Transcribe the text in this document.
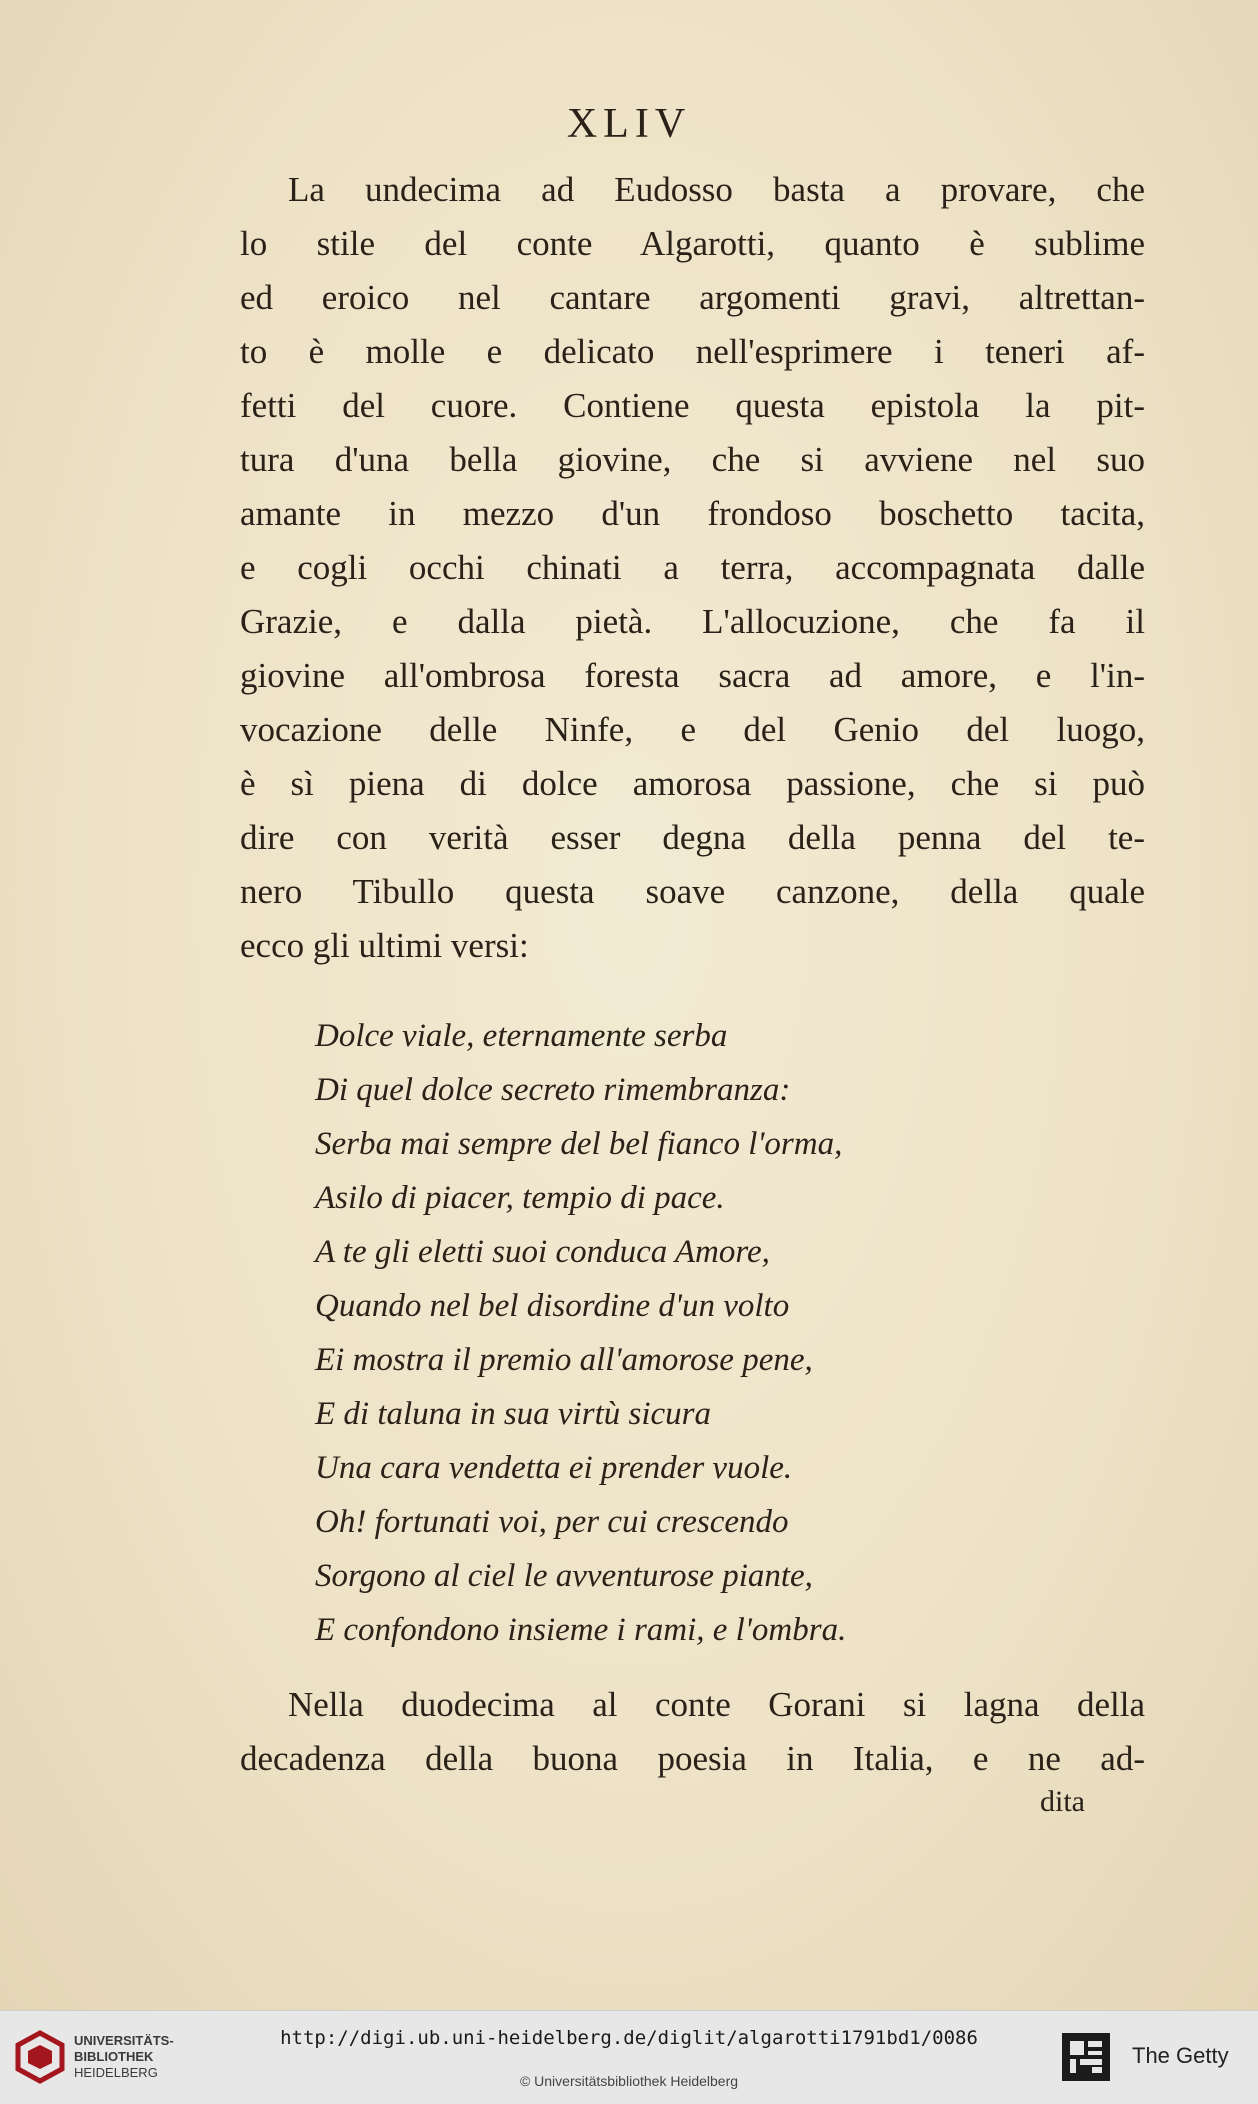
XLIV
La undecima ad Eudosso basta a provare, che
lo stile del conte Algarotti, quanto è sublime
ed eroico nel cantare argomenti gravi, altrettan-
to è molle e delicato nell'esprimere i teneri af-
fetti del cuore. Contiene questa epistola la pit-
tura d'una bella giovine, che si avviene nel suo
amante in mezzo d'un frondoso boschetto tacita,
e cogli occhi chinati a terra, accompagnata dalle
Grazie, e dalla pietà. L'allocuzione, che fa il
giovine all'ombrosa foresta sacra ad amore, e l'in-
vocazione delle Ninfe, e del Genio del luogo,
è sì piena di dolce amorosa passione, che si può
dire con verità esser degna della penna del te-
nero Tibullo questa soave canzone, della quale
ecco gli ultimi versi:
Dolce viale, eternamente serba
Di quel dolce secreto rimembranza:
Serba mai sempre del bel fianco l'orma,
Asilo di piacer, tempio di pace.
A te gli eletti suoi conduca Amore,
Quando nel bel disordine d'un volto
Ei mostra il premio all'amorose pene,
E di taluna in sua virtù sicura
Una cara vendetta ei prender vuole.
Oh! fortunati voi, per cui crescendo
Sorgono al ciel le avventurose piante,
E confondono insieme i rami, e l'ombra.
Nella duodecima al conte Gorani si lagna della
decadenza della buona poesia in Italia, e ne ad-
dita
UNIVERSITÄTS-
BIBLIOTHEK
HEIDELBERG
http://digi.ub.uni-heidelberg.de/diglit/algarotti1791bd1/0086
© Universitätsbibliothek Heidelberg
The Getty
